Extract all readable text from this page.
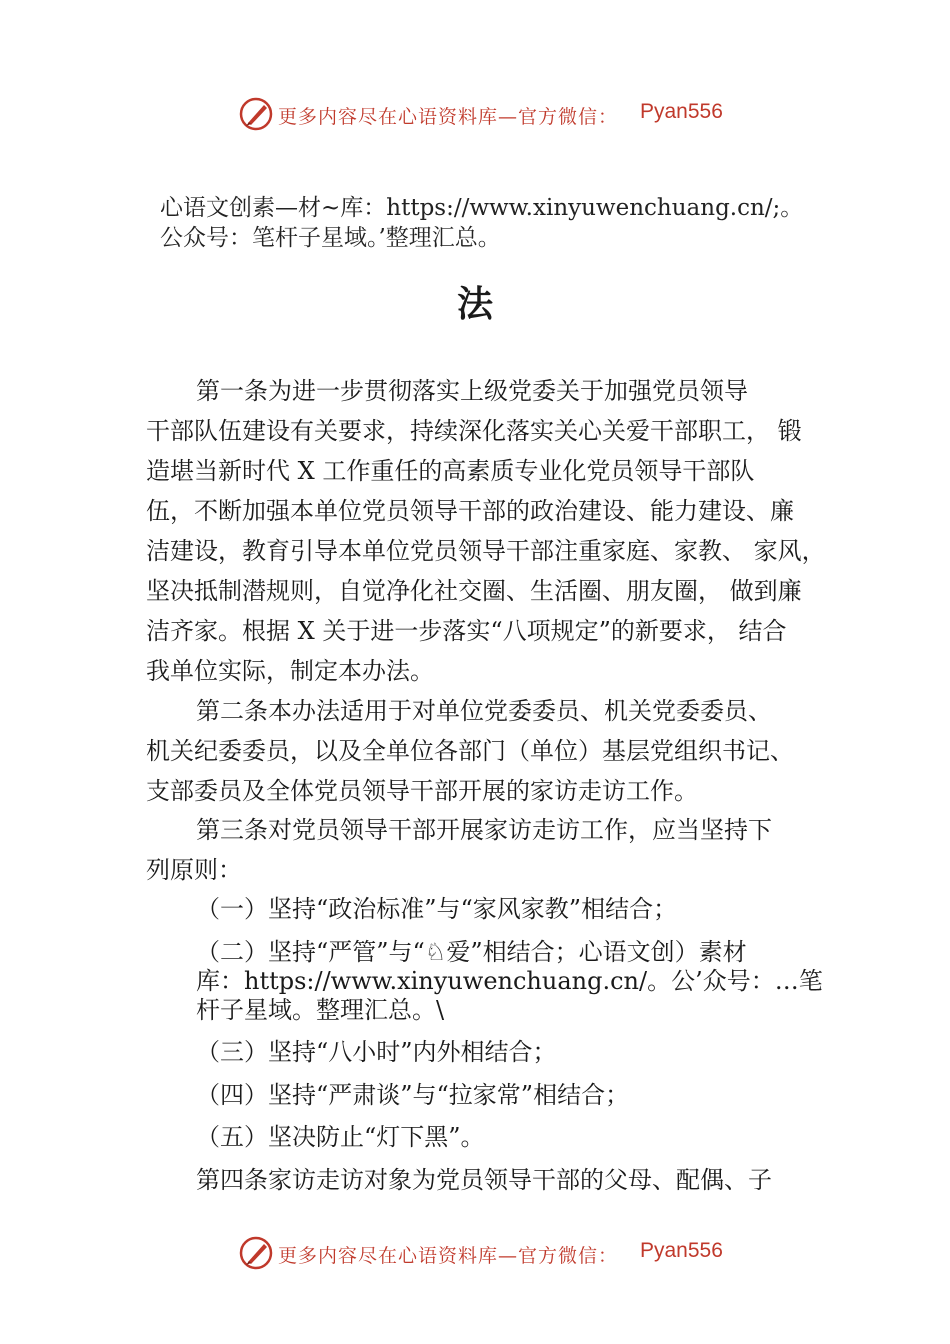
更多内容尽在心语资料库—官方微信： Pyan556
心语文创素—材~库：https://www.xinyuwenchuang.cn/;。
公众号：笔杆子星域。’整理汇总。
法
第一条为进一步贯彻落实上级党委关于加强党员领导
干部队伍建设有关要求，持续深化落实关心关爱干部职工， 锻
造堪当新时代 X 工作重任的高素质专业化党员领导干部队
伍，不断加强本单位党员领导干部的政治建设、能力建设、廉
洁建设，教育引导本单位党员领导干部注重家庭、家教、 家风，
坚决抵制潜规则，自觉净化社交圈、生活圈、朋友圈， 做到廉
洁齐家。根据 X 关于进一步落实“八项规定”的新要求， 结合
我单位实际，制定本办法。
第二条本办法适用于对单位党委委员、机关党委委员、
机关纪委委员，以及全单位各部门（单位）基层党组织书记、
支部委员及全体党员领导干部开展的家访走访工作。
第三条对党员领导干部开展家访走访工作，应当坚持下
列原则：
（一）坚持“政治标准”与“家风家教”相结合；
（二）坚持“严管”与“♘爱”相结合；心语文创）素材
库：https://www.xinyuwenchuang.cn/。公’众号：…笔
杆子星域。整理汇总。\
（三）坚持“八小时”内外相结合；
（四）坚持“严肃谈”与“拉家常”相结合；
（五）坚决防止“灯下黑”。
第四条家访走访对象为党员领导干部的父母、配偶、子
更多内容尽在心语资料库—官方微信： Pyan556
